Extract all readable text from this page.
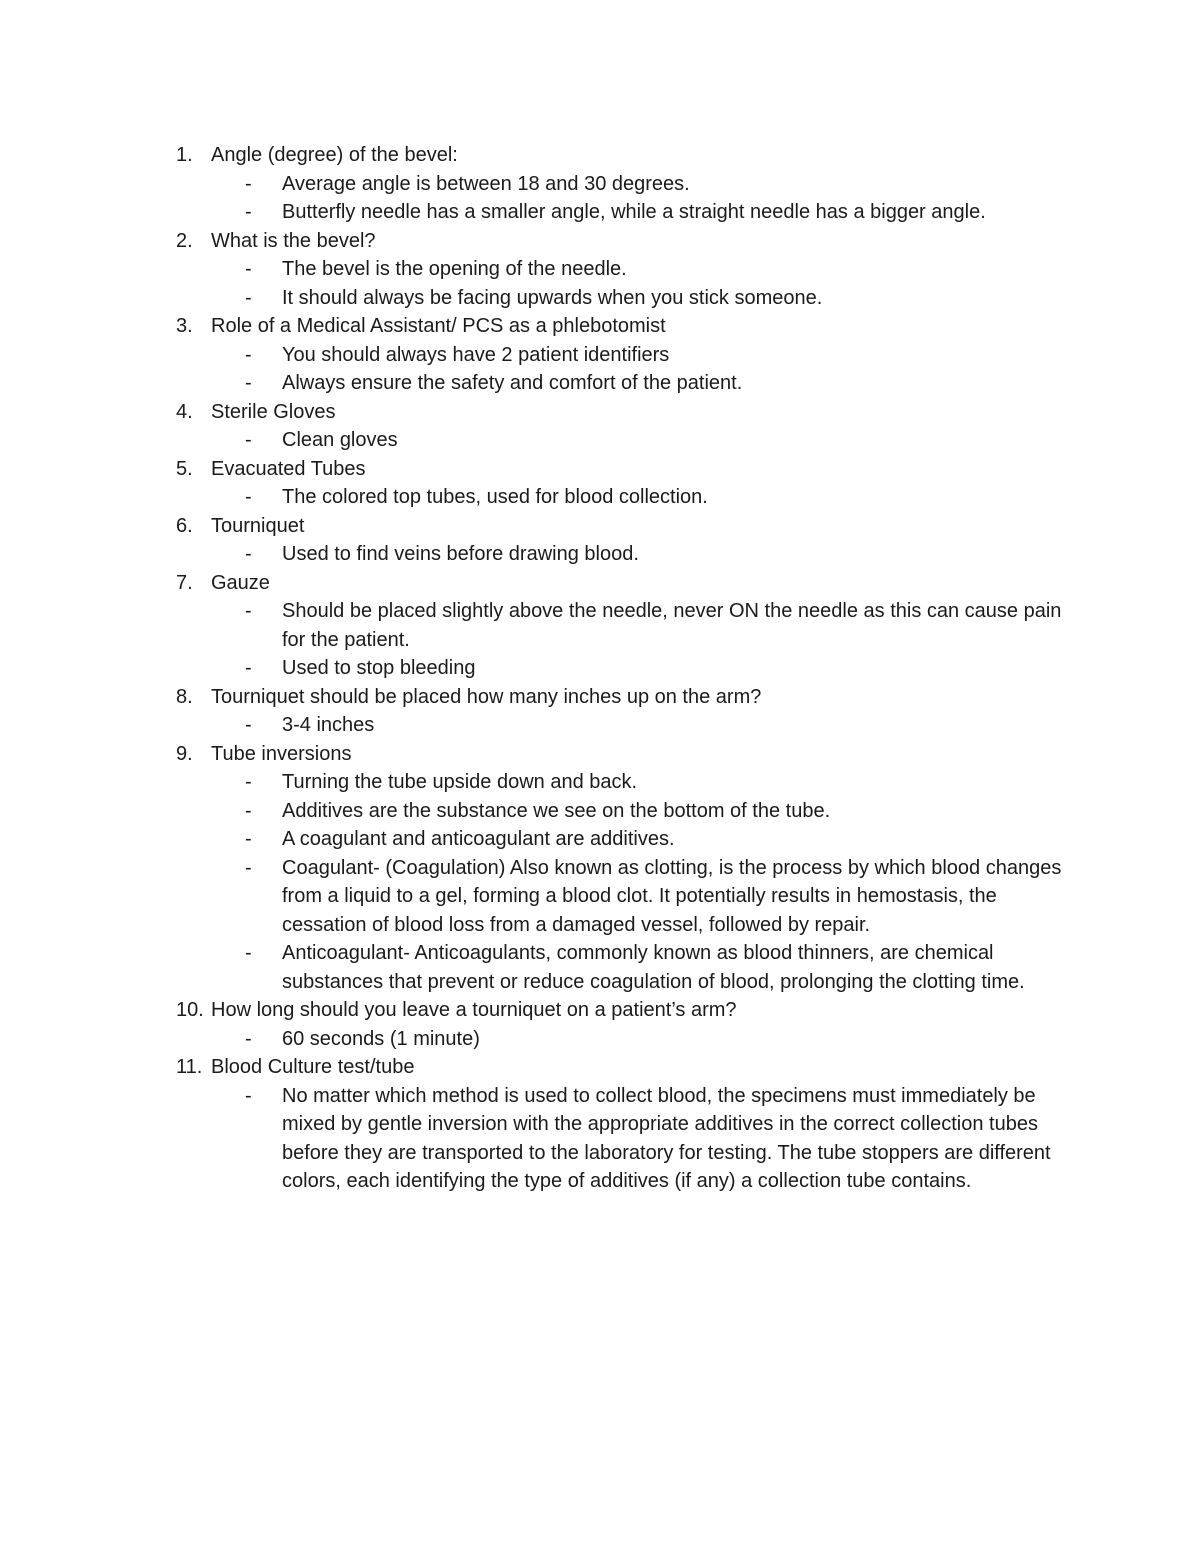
1. Angle (degree) of the bevel:
- Average angle is between 18 and 30 degrees.
- Butterfly needle has a smaller angle, while a straight needle has a bigger angle.
2. What is the bevel?
- The bevel is the opening of the needle.
- It should always be facing upwards when you stick someone.
3. Role of a Medical Assistant/ PCS as a phlebotomist
- You should always have 2 patient identifiers
- Always ensure the safety and comfort of the patient.
4. Sterile Gloves
- Clean gloves
5. Evacuated Tubes
- The colored top tubes, used for blood collection.
6. Tourniquet
- Used to find veins before drawing blood.
7. Gauze
- Should be placed slightly above the needle, never ON the needle as this can cause pain for the patient.
- Used to stop bleeding
8. Tourniquet should be placed how many inches up on the arm?
- 3-4 inches
9. Tube inversions
- Turning the tube upside down and back.
- Additives are the substance we see on the bottom of the tube.
- A coagulant and anticoagulant are additives.
- Coagulant- (Coagulation) Also known as clotting, is the process by which blood changes from a liquid to a gel, forming a blood clot. It potentially results in hemostasis, the cessation of blood loss from a damaged vessel, followed by repair.
- Anticoagulant- Anticoagulants, commonly known as blood thinners, are chemical substances that prevent or reduce coagulation of blood, prolonging the clotting time.
10. How long should you leave a tourniquet on a patient’s arm?
- 60 seconds (1 minute)
11. Blood Culture test/tube
- No matter which method is used to collect blood, the specimens must immediately be mixed by gentle inversion with the appropriate additives in the correct collection tubes before they are transported to the laboratory for testing. The tube stoppers are different colors, each identifying the type of additives (if any) a collection tube contains.
